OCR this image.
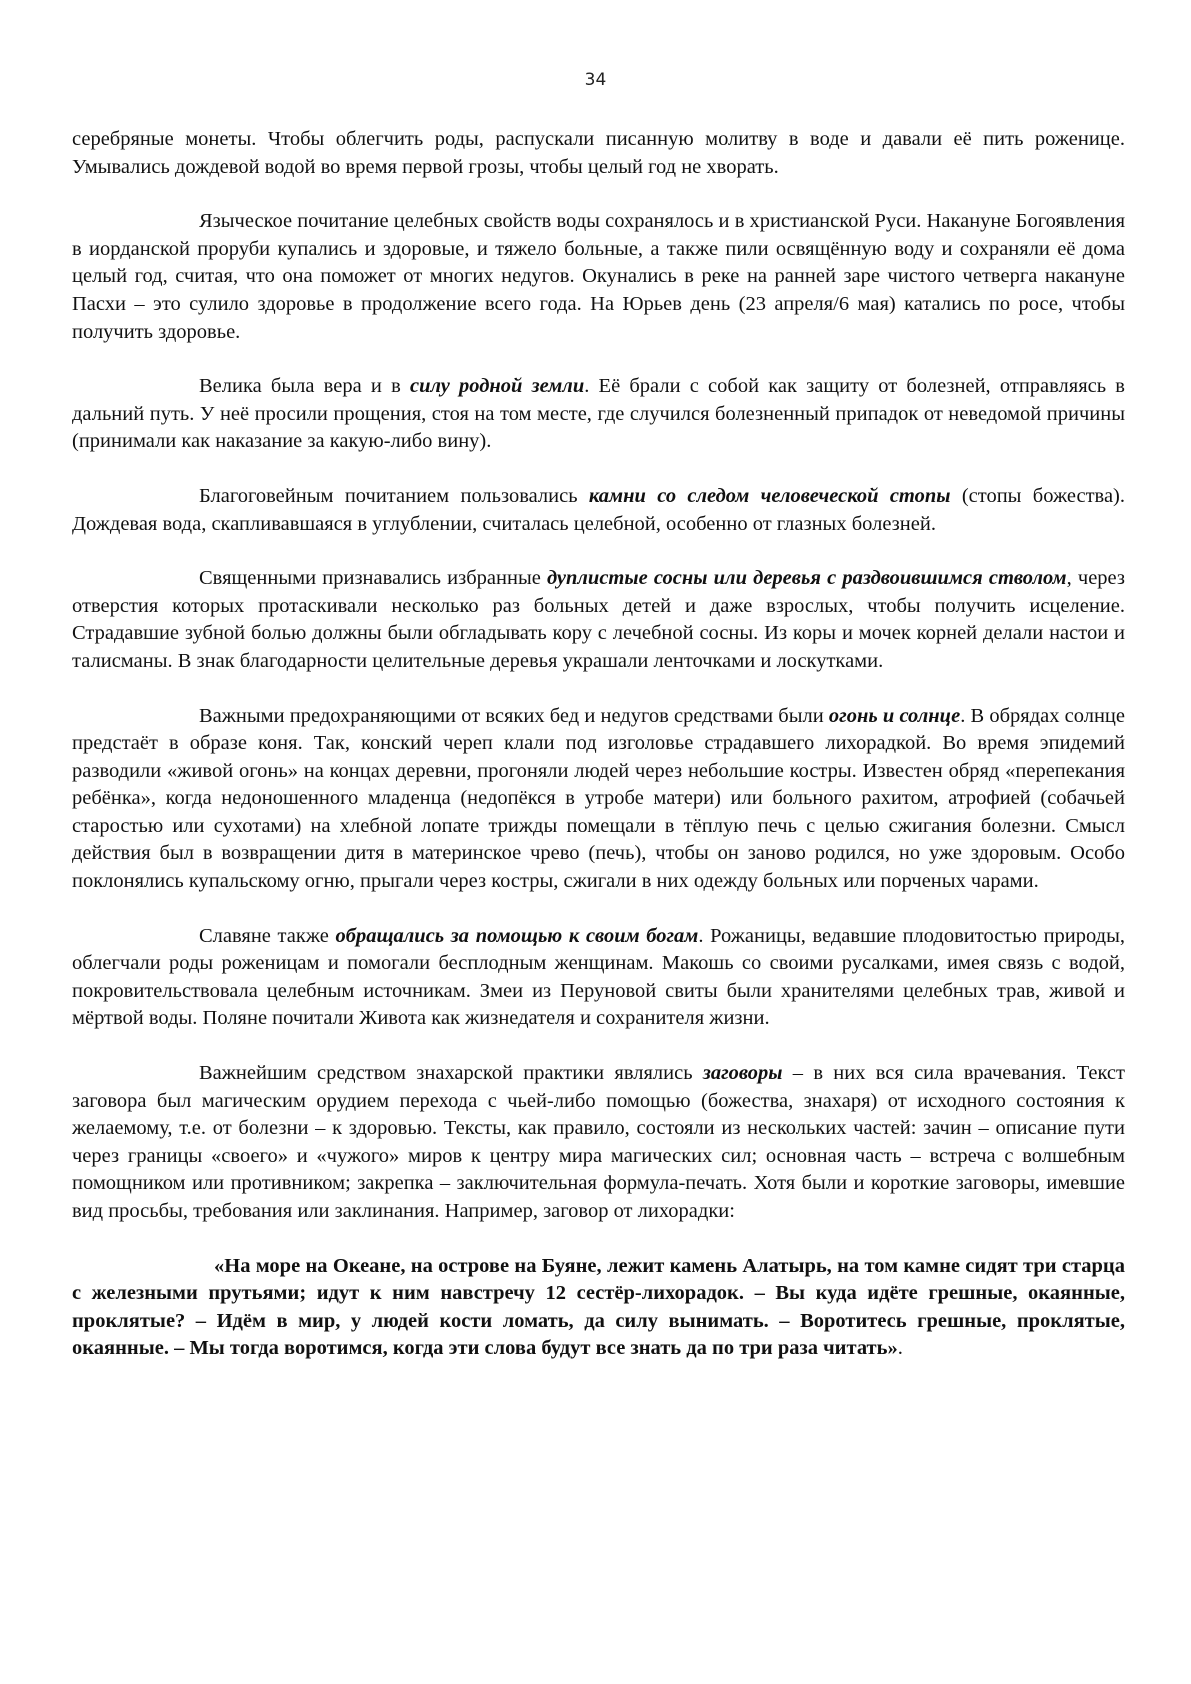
34

серебряные монеты. Чтобы облегчить роды, распускали писанную молитву в воде и давали её пить роженице. Умывались дождевой водой во время первой грозы, чтобы целый год не хворать.

Языческое почитание целебных свойств воды сохранялось и в христианской Руси. Накануне Богоявления в иорданской проруби купались и здоровые, и тяжело больные, а также пили освящённую воду и сохраняли её дома целый год, считая, что она поможет от многих недугов. Окунались в реке на ранней заре чистого четверга накануне Пасхи – это сулило здоровье в продолжение всего года. На Юрьев день (23 апреля/6 мая) катались по росе, чтобы получить здоровье.

Велика была вера и в силу родной земли. Её брали с собой как защиту от болезней, отправляясь в дальний путь. У неё просили прощения, стоя на том месте, где случился болезненный припадок от неведомой причины (принимали как наказание за какую-либо вину).

Благоговейным почитанием пользовались камни со следом человеческой стопы (стопы божества). Дождевая вода, скапливавшаяся в углублении, считалась целебной, особенно от глазных болезней.

Священными признавались избранные дуплистые сосны или деревья с раздвоившимся стволом, через отверстия которых протаскивали несколько раз больных детей и даже взрослых, чтобы получить исцеление. Страдавшие зубной болью должны были обгладывать кору с лечебной сосны. Из коры и мочек корней делали настои и талисманы. В знак благодарности целительные деревья украшали ленточками и лоскутками.

Важными предохраняющими от всяких бед и недугов средствами были огонь и солнце. В обрядах солнце предстаёт в образе коня. Так, конский череп клали под изголовье страдавшего лихорадкой. Во время эпидемий разводили «живой огонь» на концах деревни, прогоняли людей через небольшие костры. Известен обряд «перепекания ребёнка», когда недоношенного младенца (недопёкся в утробе матери) или больного рахитом, атрофией (собачьей старостью или сухотами) на хлебной лопате трижды помещали в тёплую печь с целью сжигания болезни. Смысл действия был в возвращении дитя в материнское чрево (печь), чтобы он заново родился, но уже здоровым. Особо поклонялись купальскому огню, прыгали через костры, сжигали в них одежду больных или порченых чарами.

Славяне также обращались за помощью к своим богам. Рожаницы, ведавшие плодовитостью природы, облегчали роды роженицам и помогали бесплодным женщинам. Макошь со своими русалками, имея связь с водой, покровительствовала целебным источникам. Змеи из Перуновой свиты были хранителями целебных трав, живой и мёртвой воды. Поляне почитали Живота как жизнедателя и сохранителя жизни.

Важнейшим средством знахарской практики являлись заговоры – в них вся сила врачевания. Текст заговора был магическим орудием перехода с чьей-либо помощью (божества, знахаря) от исходного состояния к желаемому, т.е. от болезни – к здоровью. Тексты, как правило, состояли из нескольких частей: зачин – описание пути через границы «своего» и «чужого» миров к центру мира магических сил; основная часть – встреча с волшебным помощником или противником; закрепка – заключительная формула-печать. Хотя были и короткие заговоры, имевшие вид просьбы, требования или заклинания. Например, заговор от лихорадки:

«На море на Океане, на острове на Буяне, лежит камень Алатырь, на том камне сидят три старца с железными прутьями; идут к ним навстречу 12 сестёр-лихорадок. – Вы куда идёте грешные, окаянные, проклятые? – Идём в мир, у людей кости ломать, да силу вынимать. – Воротитесь грешные, проклятые, окаянные. – Мы тогда воротимся, когда эти слова будут все знать да по три раза читать».
